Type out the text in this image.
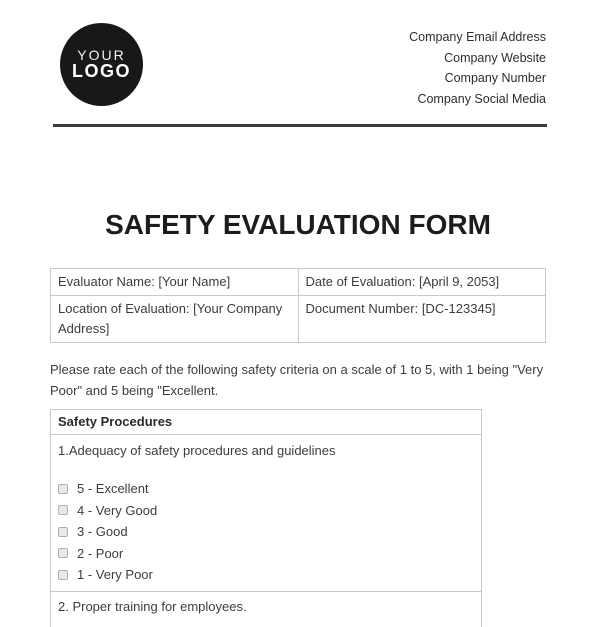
YOUR
LOGO
Company Email Address
Company Website
Company Number
Company Social Media
SAFETY EVALUATION FORM
Evaluator Name: [Your Name]	Date of Evaluation: [April 9, 2053]
Location of Evaluation: [Your Company Address]	Document Number: [DC-123345]
Please rate each of the following safety criteria on a scale of 1 to 5, with 1 being "Very Poor" and 5 being "Excellent.
Safety Procedures
1.Adequacy of safety procedures and guidelines
5 - Excellent
4 - Very Good
3 - Good
2 - Poor
1 - Very Poor
2. Proper training for employees.
